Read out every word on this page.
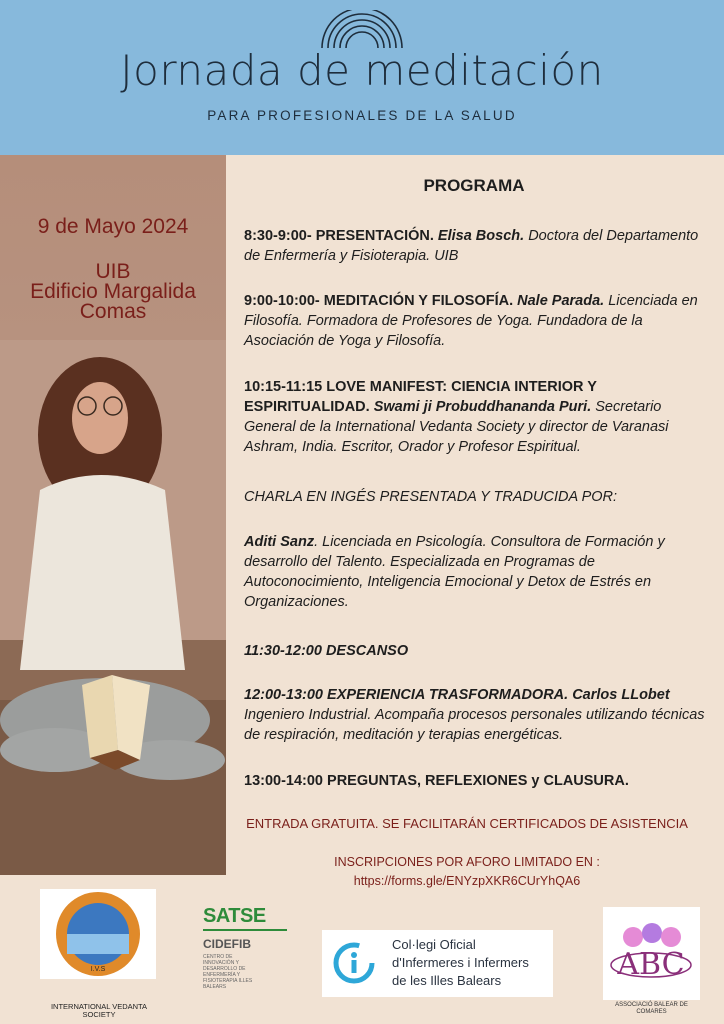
Jornada de meditación
PARA PROFESIONALES DE LA SALUD
9 de Mayo 2024
UIB
Edificio Margalida
Comas
PROGRAMA

8:30-9:00- PRESENTACIÓN. Elisa Bosch. Doctora del Departamento de Enfermería y Fisioterapia. UIB

9:00-10:00- MEDITACIÓN Y FILOSOFÍA. Nale Parada. Licenciada en Filosofía. Formadora de Profesores de Yoga. Fundadora de la Asociación de Yoga y Filosofía.

10:15-11:15 LOVE MANIFEST: CIENCIA INTERIOR Y ESPIRITUALIDAD. Swami ji Probuddhananda Puri. Secretario General de la International Vedanta Society y director de Varanasi Ashram, India. Escritor, Orador y Profesor Espiritual.

CHARLA EN INGÉS PRESENTADA Y TRADUCIDA POR:

Aditi Sanz. Licenciada en Psicología. Consultora de Formación y desarrollo del Talento. Especializada en Programas de Autoconocimiento, Inteligencia Emocional y Detox de Estrés en Organizaciones.

11:30-12:00 DESCANSO

12:00-13:00 EXPERIENCIA TRASFORMADORA. Carlos LLobet Ingeniero Industrial. Acompaña procesos personales utilizando técnicas de respiración, meditación y terapias energéticas.

13:00-14:00 PREGUNTAS, REFLEXIONES y CLAUSURA.

ENTRADA GRATUITA. SE FACILITARÁN CERTIFICADOS DE ASISTENCIA
INSCRIPCIONES POR AFORO LIMITADO EN :
https://forms.gle/ENYzpXKR6CUrYhQA6
I.V.S
INTERNATIONAL VEDANTA SOCIETY
SATSE
CIDEFIB
CENTRO DE INNOVACIÓN Y DESARROLLO DE ENFERMERÍA Y FISIOTERAPIA ILLES BALEARS
Col·legi Oficial
d'Infermeres i Infermers
de les Illes Balears	ABC
ASSOCIACIÓ BALEAR DE COMARES
